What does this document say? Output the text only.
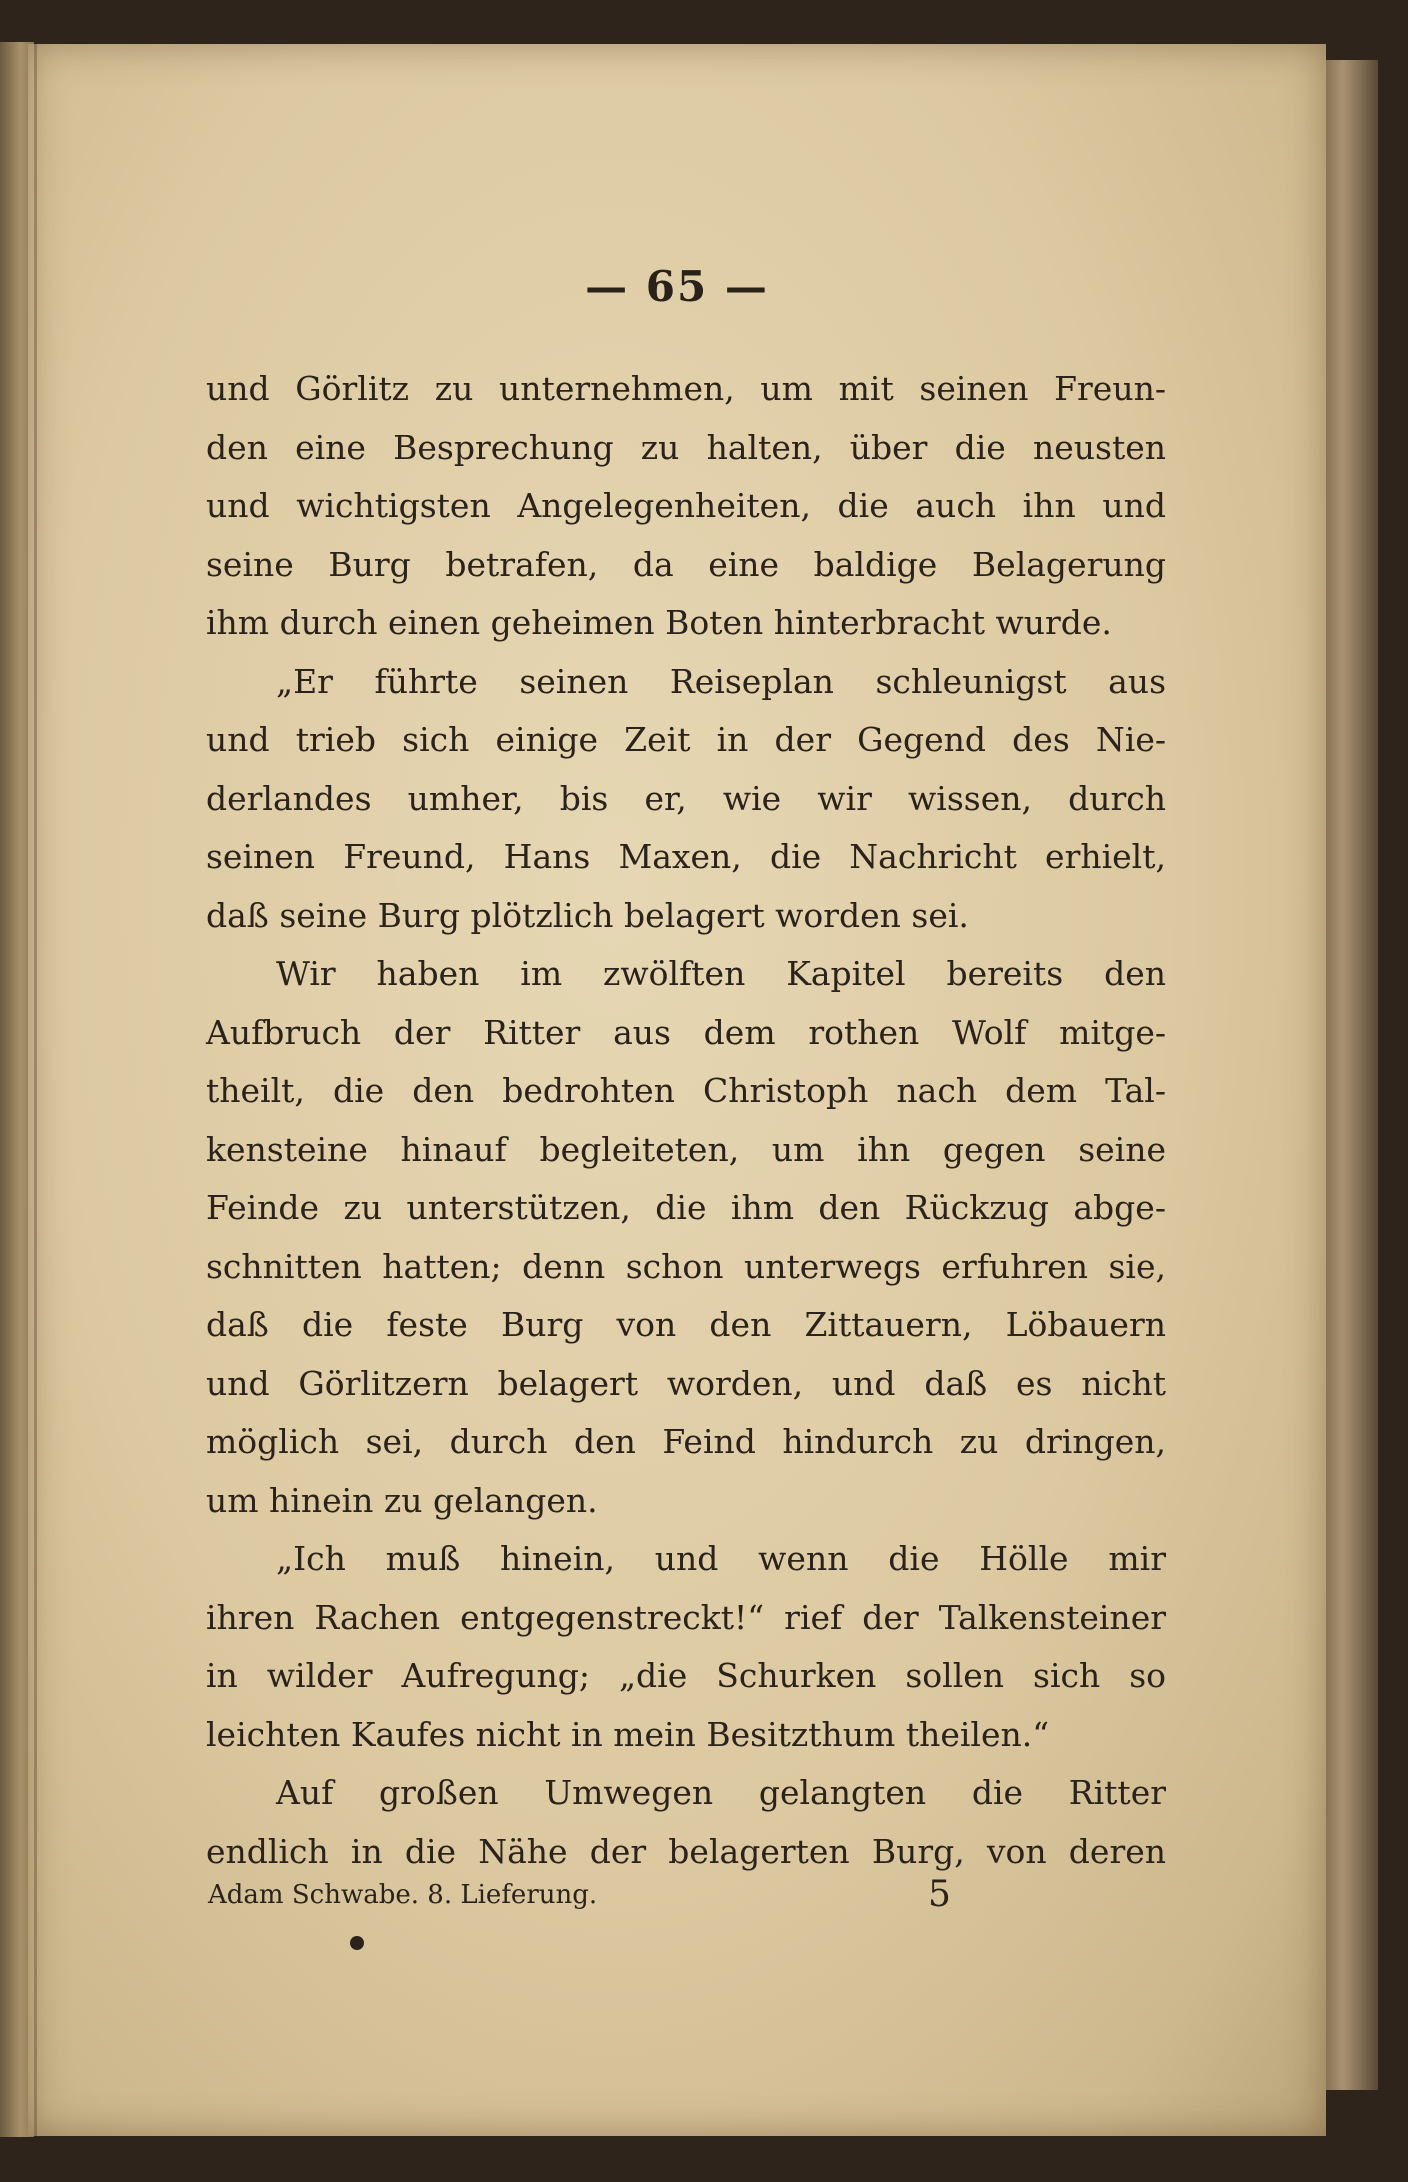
— 65 —
und Görlitz zu unternehmen, um mit seinen Freun-
den eine Besprechung zu halten, über die neusten
und wichtigsten Angelegenheiten, die auch ihn und
seine Burg betrafen, da eine baldige Belagerung
ihm durch einen geheimen Boten hinterbracht wurde.
„Er führte seinen Reiseplan schleunigst aus
und trieb sich einige Zeit in der Gegend des Nie-
derlandes umher, bis er, wie wir wissen, durch
seinen Freund, Hans Maxen, die Nachricht erhielt,
daß seine Burg plötzlich belagert worden sei.
Wir haben im zwölften Kapitel bereits den
Aufbruch der Ritter aus dem rothen Wolf mitge-
theilt, die den bedrohten Christoph nach dem Tal-
kensteine hinauf begleiteten, um ihn gegen seine
Feinde zu unterstützen, die ihm den Rückzug abge-
schnitten hatten; denn schon unterwegs erfuhren sie,
daß die feste Burg von den Zittauern, Löbauern
und Görlitzern belagert worden, und daß es nicht
möglich sei, durch den Feind hindurch zu dringen,
um hinein zu gelangen.
„Ich muß hinein, und wenn die Hölle mir
ihren Rachen entgegenstreckt!“ rief der Talkensteiner
in wilder Aufregung; „die Schurken sollen sich so
leichten Kaufes nicht in mein Besitzthum theilen.“
Auf großen Umwegen gelangten die Ritter
endlich in die Nähe der belagerten Burg, von deren
Adam Schwabe. 8. Lieferung.	5
